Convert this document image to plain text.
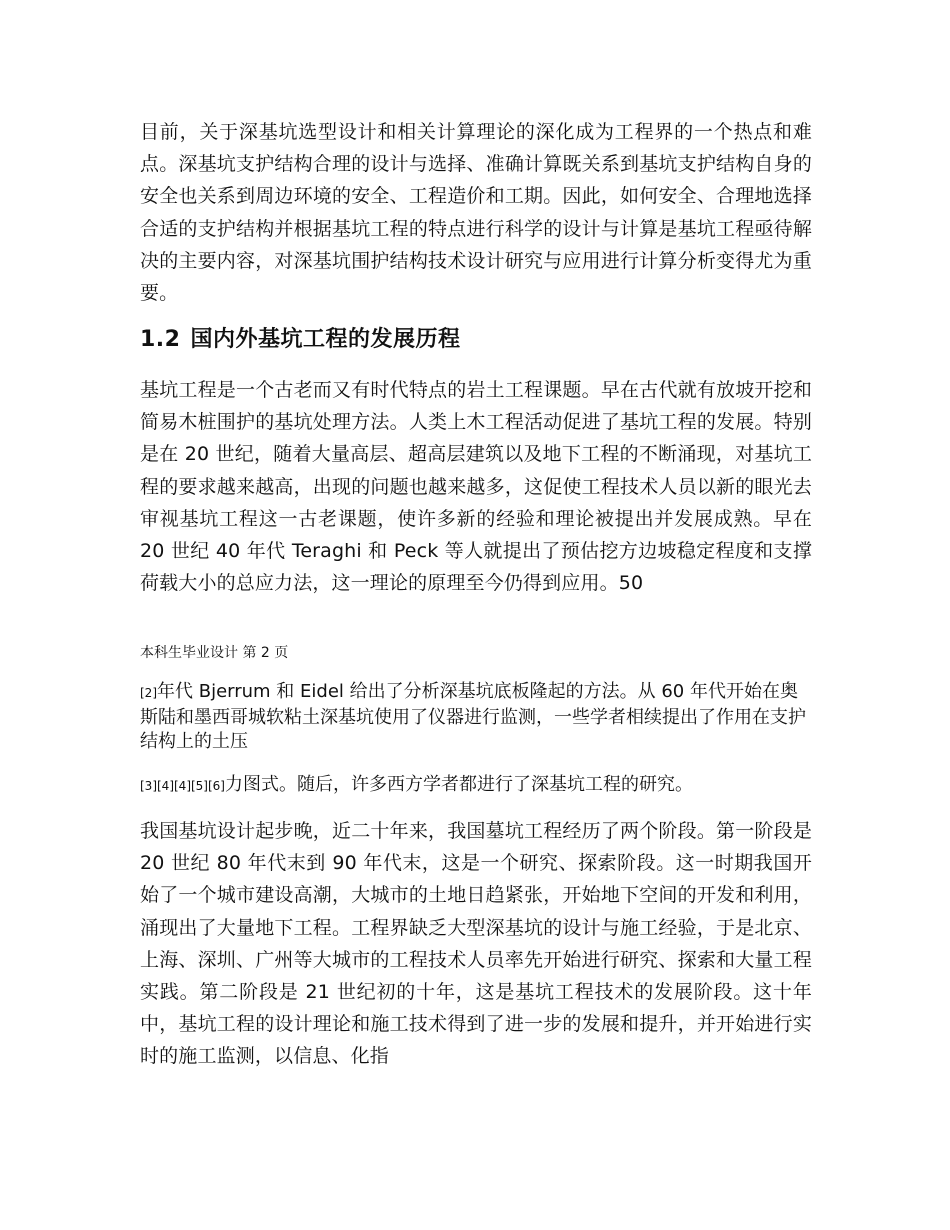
目前，关于深基坑选型设计和相关计算理论的深化成为工程界的一个热点和难点。深基坑支护结构合理的设计与选择、准确计算既关系到基坑支护结构自身的安全也关系到周边环境的安全、工程造价和工期。因此，如何安全、合理地选择合适的支护结构并根据基坑工程的特点进行科学的设计与计算是基坑工程亟待解决的主要内容，对深基坑围护结构技术设计研究与应用进行计算分析变得尤为重要。

1.2 国内外基坑工程的发展历程

基坑工程是一个古老而又有时代特点的岩土工程课题。早在古代就有放坡开挖和简易木桩围护的基坑处理方法。人类上木工程活动促进了基坑工程的发展。特别是在 20 世纪，随着大量高层、超高层建筑以及地下工程的不断涌现，对基坑工程的要求越来越高，出现的问题也越来越多，这促使工程技术人员以新的眼光去审视基坑工程这一古老课题，使许多新的经验和理论被提出并发展成熟。早在 20 世纪 40 年代 Teraghi 和 Peck 等人就提出了预估挖方边坡稳定程度和支撑荷载大小的总应力法，这一理论的原理至今仍得到应用。50

本科生毕业设计 第 2 页

[2]年代 Bjerrum 和 Eidel 给出了分析深基坑底板隆起的方法。从 60 年代开始在奥斯陆和墨西哥城软粘土深基坑使用了仪器进行监测，一些学者相续提出了作用在支护结构上的土压

[3][4][4][5][6]力图式。随后，许多西方学者都进行了深基坑工程的研究。

我国基坑设计起步晚，近二十年来，我国墓坑工程经历了两个阶段。第一阶段是 20 世纪 80 年代末到 90 年代末，这是一个研究、探索阶段。这一时期我国开始了一个城市建设高潮，大城市的土地日趋紧张，开始地下空间的开发和利用，涌现出了大量地下工程。工程界缺乏大型深基坑的设计与施工经验，于是北京、上海、深圳、广州等大城市的工程技术人员率先开始进行研究、探索和大量工程实践。第二阶段是 21 世纪初的十年，这是基坑工程技术的发展阶段。这十年中，基坑工程的设计理论和施工技术得到了进一步的发展和提升，并开始进行实时的施工监测，以信息、化指
